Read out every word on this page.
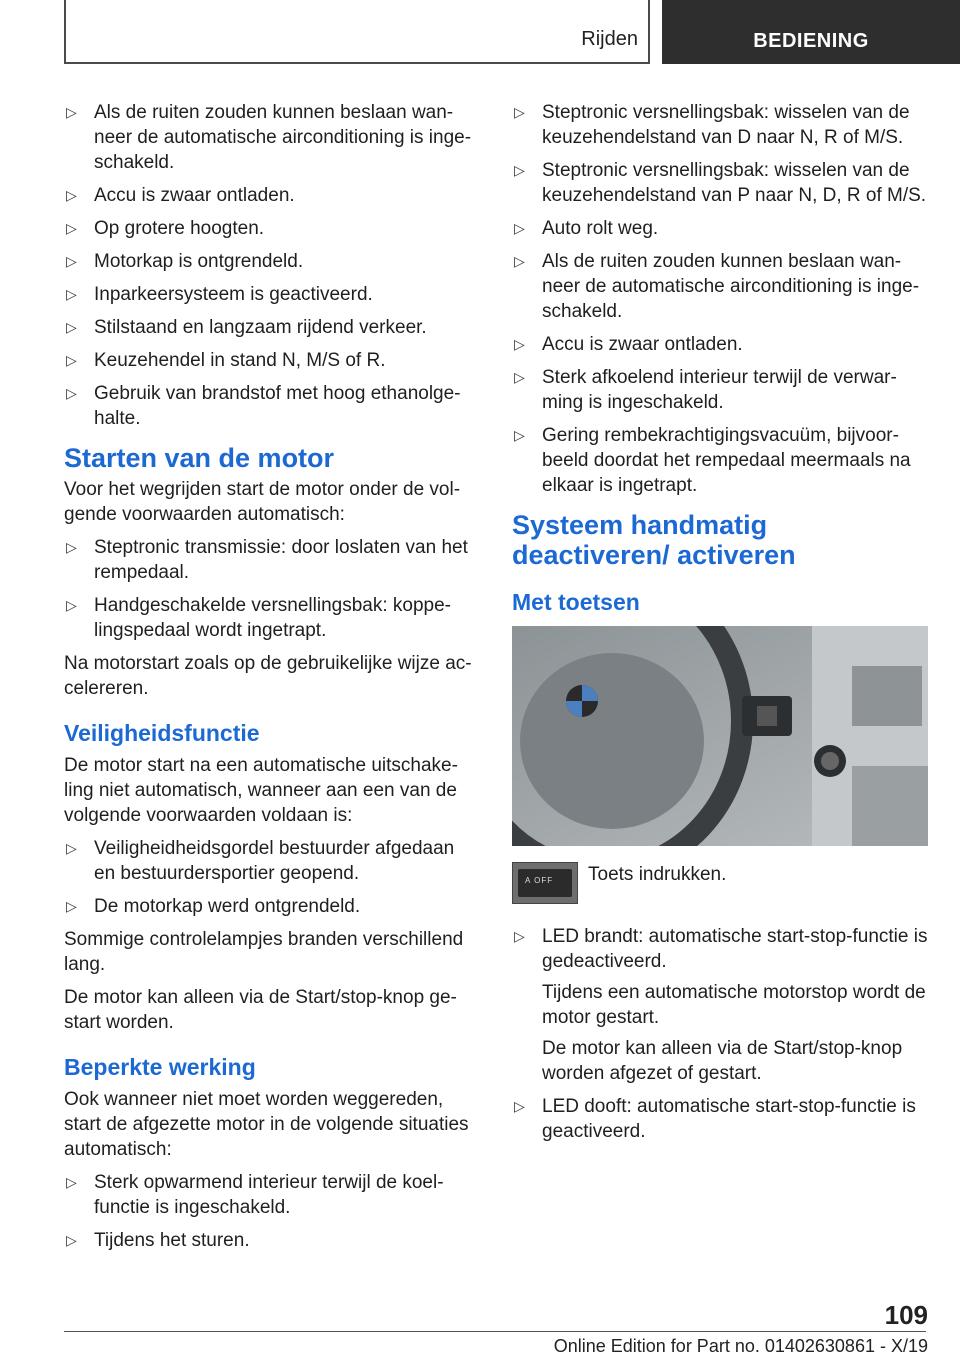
Rijden	BEDIENING
▷ Als de ruiten zouden kunnen beslaan wan-neer de automatische airconditioning is inge-schakeld.
▷ Accu is zwaar ontladen.
▷ Op grotere hoogten.
▷ Motorkap is ontgrendeld.
▷ Inparkeersysteem is geactiveerd.
▷ Stilstaand en langzaam rijdend verkeer.
▷ Keuzehendel in stand N, M/S of R.
▷ Gebruik van brandstof met hoog ethanolge-halte.
Starten van de motor
Voor het wegrijden start de motor onder de vol-gende voorwaarden automatisch:
▷ Steptronic transmissie: door loslaten van het rempedaal.
▷ Handgeschakelde versnellingsbak: koppe-lingspedaal wordt ingetrapt.
Na motorstart zoals op de gebruikelijke wijze ac-celereren.
Veiligheidsfunctie
De motor start na een automatische uitschake-ling niet automatisch, wanneer aan een van de volgende voorwaarden voldaan is:
▷ Veiligheidheidsgordel bestuurder afgedaan en bestuurdersportier geopend.
▷ De motorkap werd ontgrendeld.
Sommige controlelampjes branden verschillend lang.
De motor kan alleen via de Start/stop-knop ge-start worden.
Beperkte werking
Ook wanneer niet moet worden weggereden, start de afgezette motor in de volgende situaties automatisch:
▷ Sterk opwarmend interieur terwijl de koel-functie is ingeschakeld.
▷ Tijdens het sturen.
▷ Steptronic versnellingsbak: wisselen van de keuzehendelstand van D naar N, R of M/S.
▷ Steptronic versnellingsbak: wisselen van de keuzehendelstand van P naar N, D, R of M/S.
▷ Auto rolt weg.
▷ Als de ruiten zouden kunnen beslaan wan-neer de automatische airconditioning is inge-schakeld.
▷ Accu is zwaar ontladen.
▷ Sterk afkoelend interieur terwijl de verwar-ming is ingeschakeld.
▷ Gering rembekrachtigingsvacuüm, bijvoor-beeld doordat het rempedaal meermaals na elkaar is ingetrapt.
Systeem handmatig deactiveren/ activeren
Met toetsen
A OFF Toets indrukken.
▷ LED brandt: automatische start-stop-functie is gedeactiveerd.
Tijdens een automatische motorstop wordt de motor gestart.
De motor kan alleen via de Start/stop-knop worden afgezet of gestart.
▷ LED dooft: automatische start-stop-functie is geactiveerd.
109
Online Edition for Part no. 01402630861 - X/19
